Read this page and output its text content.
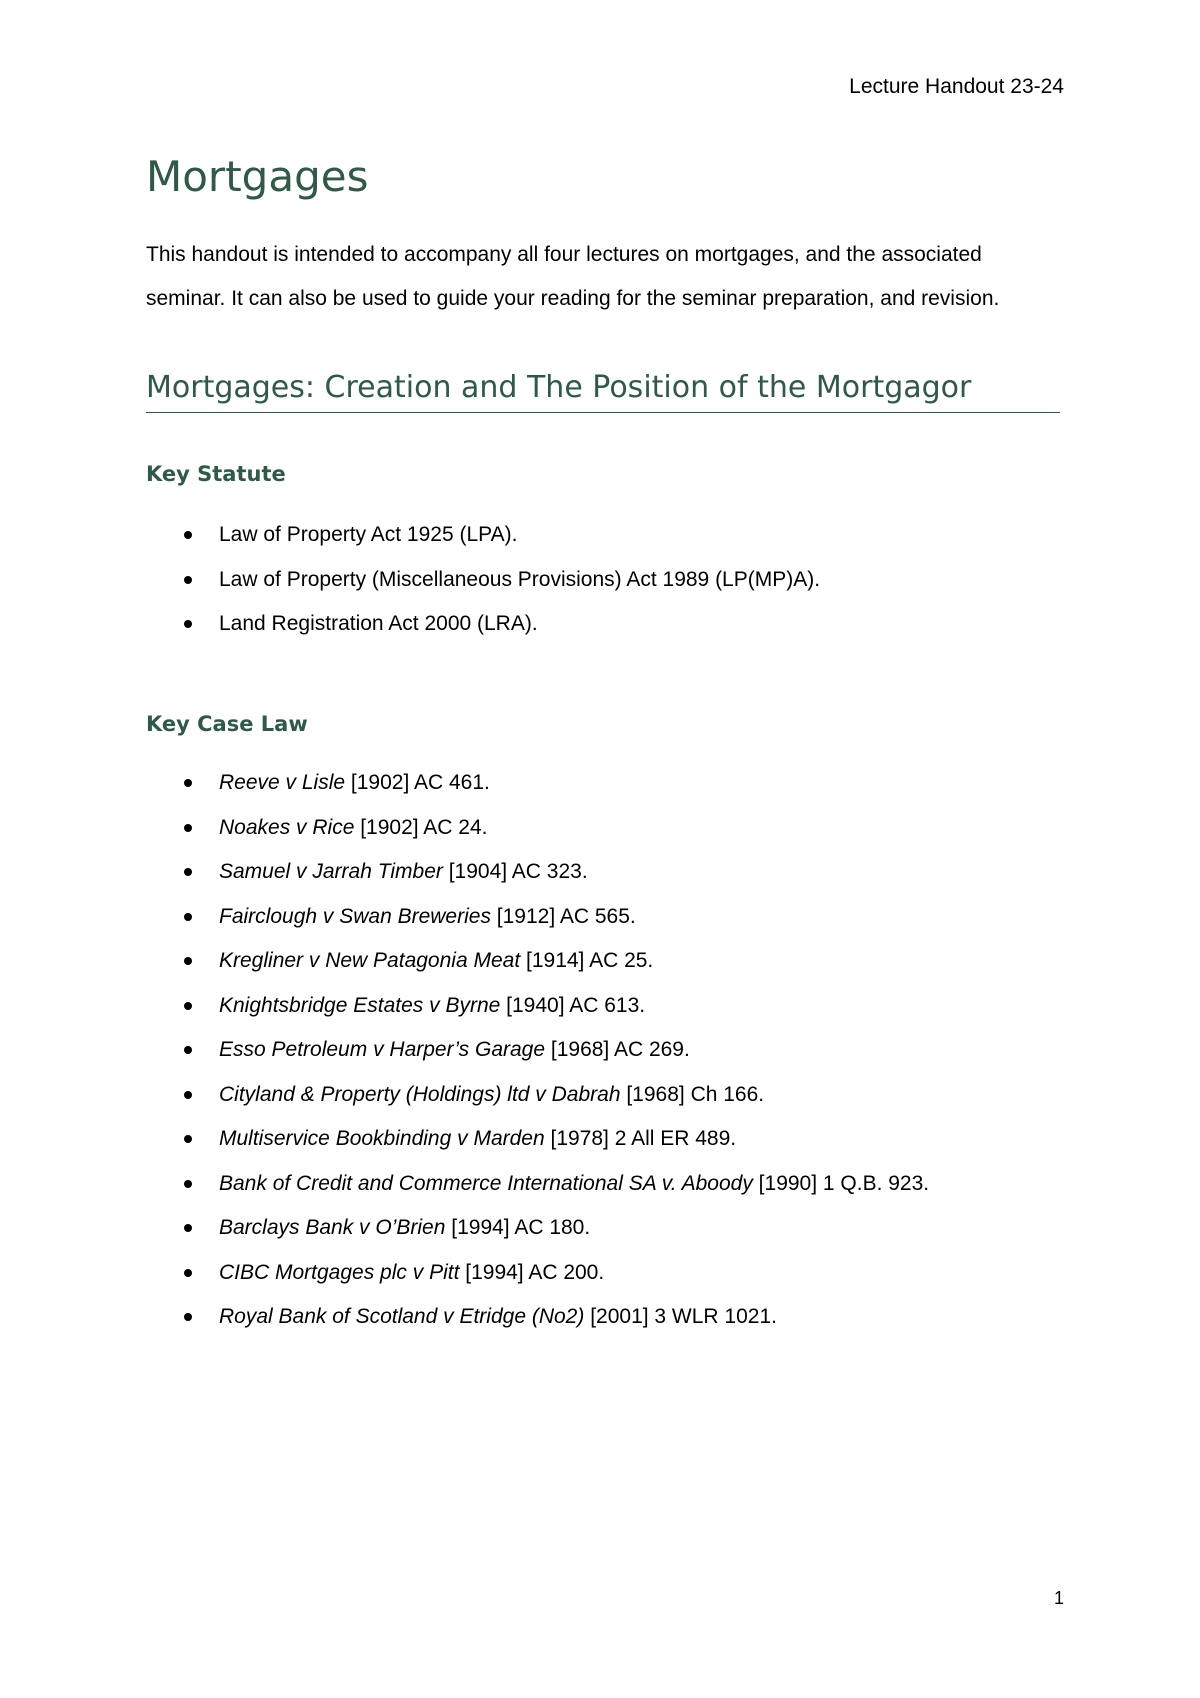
Lecture Handout 23-24
Mortgages

This handout is intended to accompany all four lectures on mortgages, and the associated
seminar. It can also be used to guide your reading for the seminar preparation, and revision.

Mortgages: Creation and The Position of the Mortgagor
Key Statute
Law of Property Act 1925 (LPA).
Law of Property (Miscellaneous Provisions) Act 1989 (LP(MP)A).
Land Registration Act 2000 (LRA).
Key Case Law
Reeve v Lisle [1902] AC 461.
Noakes v Rice [1902] AC 24.
Samuel v Jarrah Timber [1904] AC 323.
Fairclough v Swan Breweries [1912] AC 565.
Kregliner v New Patagonia Meat [1914] AC 25.
Knightsbridge Estates v Byrne [1940] AC 613.
Esso Petroleum v Harper’s Garage [1968] AC 269.
Cityland & Property (Holdings) ltd v Dabrah [1968] Ch 166.
Multiservice Bookbinding v Marden [1978] 2 All ER 489.
Bank of Credit and Commerce International SA v. Aboody [1990] 1 Q.B. 923.
Barclays Bank v O’Brien [1994] AC 180.
CIBC Mortgages plc v Pitt [1994] AC 200.
Royal Bank of Scotland v Etridge (No2) [2001] 3 WLR 1021.
1
